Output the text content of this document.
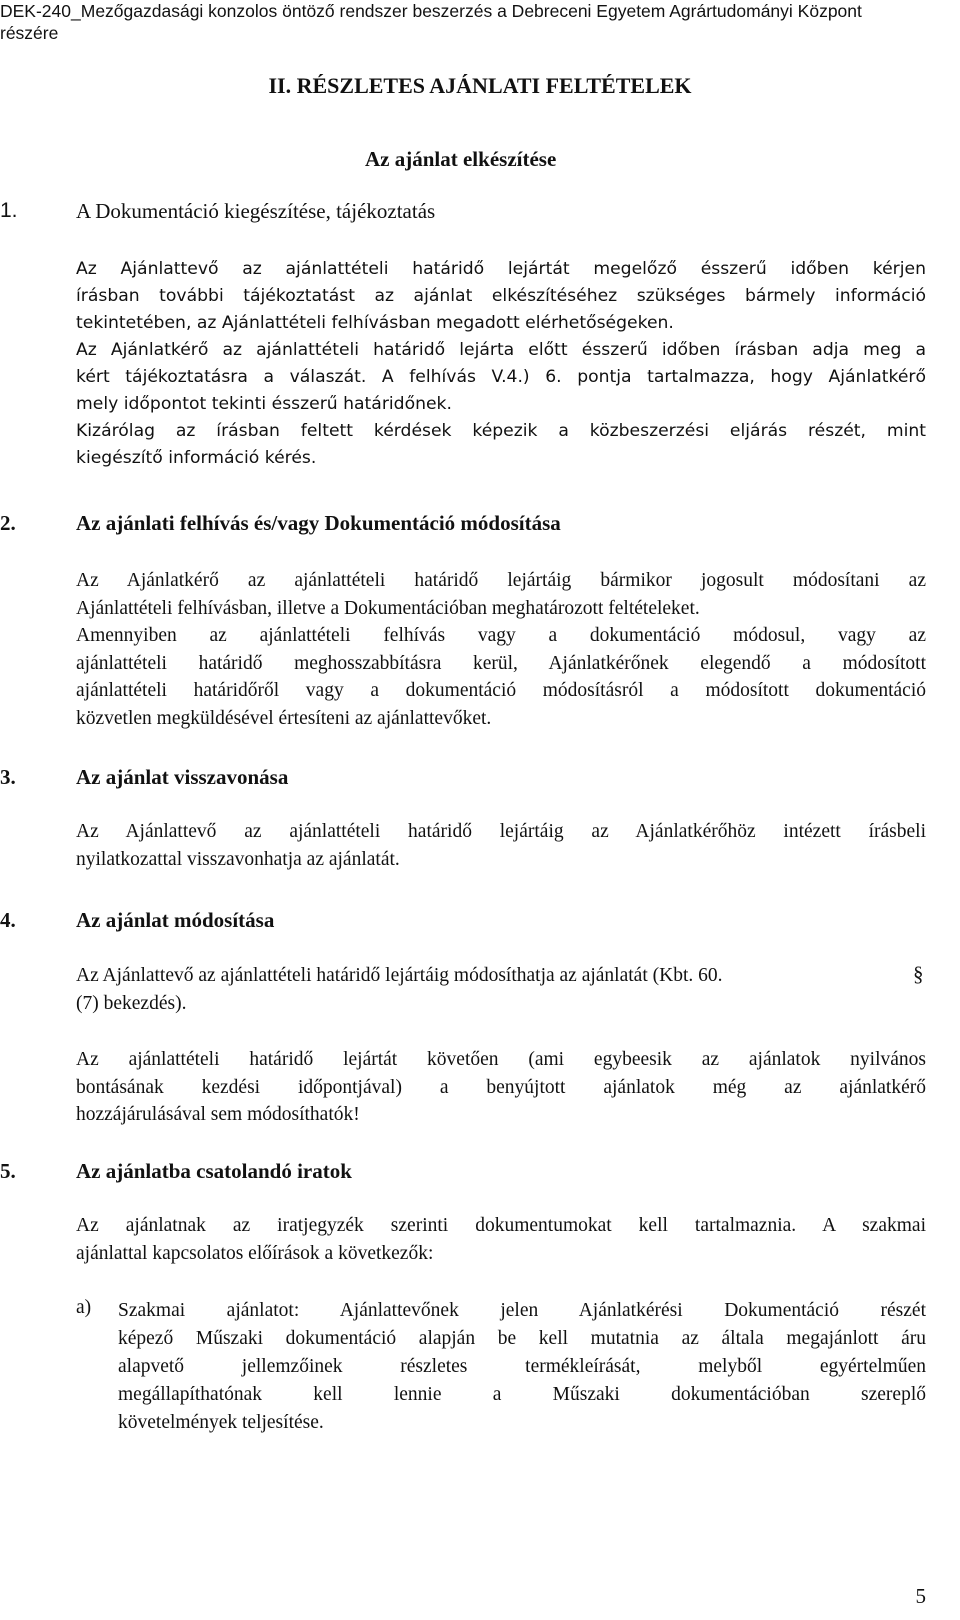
DEK-240_Mezőgazdasági konzolos öntöző rendszer beszerzés a Debreceni Egyetem Agrártudományi Központ
részére
II. RÉSZLETES AJÁNLATI FELTÉTELEK
Az ajánlat elkészítése
1.	A Dokumentáció kiegészítése, tájékoztatás
Az Ajánlattevő az ajánlattételi határidő lejártát megelőző ésszerű időben kérjen
írásban további tájékoztatást az ajánlat elkészítéséhez szükséges bármely információ
tekintetében, az Ajánlattételi felhívásban megadott elérhetőségeken.
Az Ajánlatkérő az ajánlattételi határidő lejárta előtt ésszerű időben írásban adja meg a
kért tájékoztatásra a válaszát. A felhívás V.4.) 6. pontja tartalmazza, hogy Ajánlatkérő
mely időpontot tekinti ésszerű határidőnek.
Kizárólag az írásban feltett kérdések képezik a közbeszerzési eljárás részét, mint
kiegészítő információ kérés.
2.	Az ajánlati felhívás és/vagy Dokumentáció módosítása
Az Ajánlatkérő az ajánlattételi határidő lejártáig bármikor jogosult módosítani az
Ajánlattételi felhívásban, illetve a Dokumentációban meghatározott feltételeket.
Amennyiben az ajánlattételi felhívás vagy a dokumentáció módosul, vagy az
ajánlattételi határidő meghosszabbításra kerül, Ajánlatkérőnek elegendő a módosított
ajánlattételi határidőről vagy a dokumentáció módosításról a módosított dokumentáció
közvetlen megküldésével értesíteni az ajánlattevőket.
3.	Az ajánlat visszavonása
Az Ajánlattevő az ajánlattételi határidő lejártáig az Ajánlatkérőhöz intézett írásbeli
nyilatkozattal visszavonhatja az ajánlatát.
4.	Az ajánlat módosítása
Az Ajánlattevő az ajánlattételi határidő lejártáig módosíthatja az ajánlatát (Kbt. 60.
(7) bekezdés).
§
Az ajánlattételi határidő lejártát követően (ami egybeesik az ajánlatok nyilvános
bontásának kezdési időpontjával) a benyújtott ajánlatok még az ajánlatkérő
hozzájárulásával sem módosíthatók!
5.	Az ajánlatba csatolandó iratok
Az ajánlatnak az iratjegyzék szerinti dokumentumokat kell tartalmaznia. A szakmai
ajánlattal kapcsolatos előírások a következők:
a) Szakmai ajánlatot: Ajánlattevőnek jelen Ajánlatkérési Dokumentáció részét
képező Műszaki dokumentáció alapján be kell mutatnia az általa megajánlott áru
alapvető jellemzőinek részletes termékleírását, melyből egyértelműen
megállapíthatónak kell lennie a Műszaki dokumentációban szereplő
követelmények teljesítése.
5
